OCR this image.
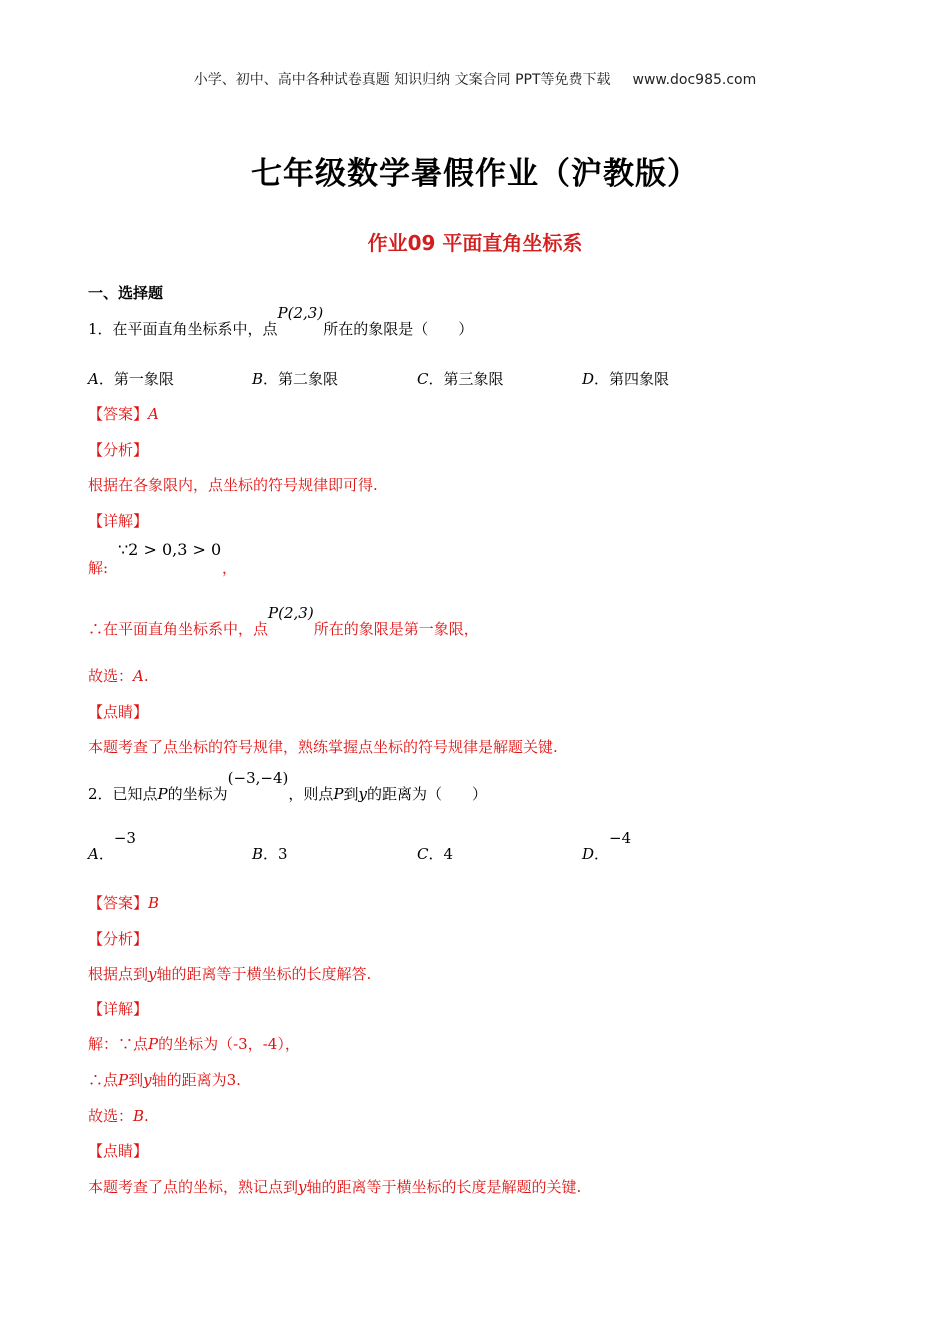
小学、初中、高中各种试卷真题 知识归纳 文案合同 PPT等免费下载 www.doc985.com
七年级数学暑假作业（沪教版）
作业09 平面直角坐标系
一、选择题
1．在平面直角坐标系中，点P(2,3)所在的象限是（　　）
A．第一象限	B．第二象限	C．第三象限	D．第四象限
【答案】A
【分析】
根据在各象限内，点坐标的符号规律即可得.
【详解】
解:
∵2 > 0,3 > 0
，
∴在平面直角坐标系中，点P(2,3)所在的象限是第一象限，
故选：A.
【点睛】
本题考查了点坐标的符号规律，熟练掌握点坐标的符号规律是解题关键.
2．已知点P的坐标为(−3,−4)，则点P到y的距离为（　　）
A．−3
B．3	C．4	D．−4
【答案】B
【分析】
根据点到y轴的距离等于横坐标的长度解答.
【详解】
解：∵点P的坐标为（-3，-4），
∴点P到y轴的距离为3.
故选：B.
【点睛】
本题考查了点的坐标，熟记点到y轴的距离等于横坐标的长度是解题的关键.
